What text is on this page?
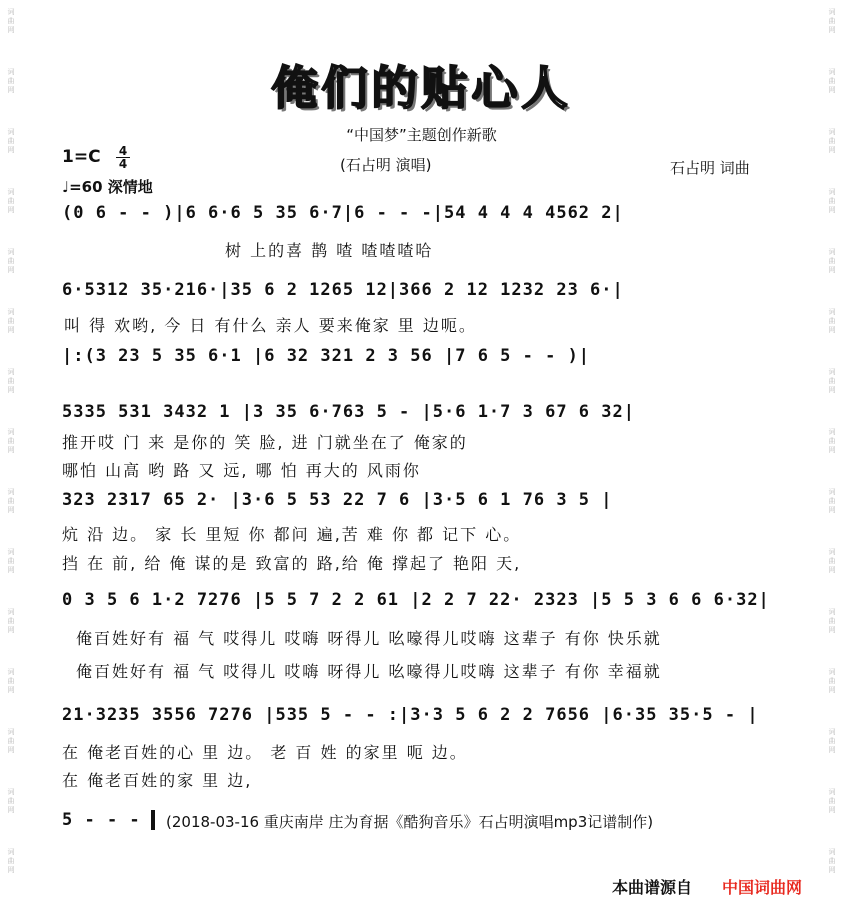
词
曲
网
词
曲
网
词
曲
网
词
曲
网
词
曲
网
词
曲
网
词
曲
网
词
曲
网
词
曲
网
词
曲
网
词
曲
网
词
曲
网
词
曲
网
词
曲
网
词
曲
网
词
曲
网
词
曲
网
词
曲
网
词
曲
网
词
曲
网
词
曲
网
词
曲
网
词
曲
网
词
曲
网
词
曲
网
词
曲
网
词
曲
网
词
曲
网
词
曲
网
词
曲
网
俺们的贴心人
“中国梦”主题创作新歌
(石占明 演唱)	石占明 词曲
$1=C \frac{4}{4}$
♩=60 深情地
(0 6 - - )|6 6·6 5 35 6·7|6 - - -|54 4 4 4 4562 2|
树 上的喜 鹊 喳 喳喳喳哈
6·5312 35·216·|35 6 2 1265 12|366 2 12 1232 23 6·|
叫 得 欢哟, 今 日 有什么 亲人 要来俺家 里 边呃。
|:(3 23 5 35 6·1 |6 32 321 2 3 56 |7 6 5 - - )|
5335 531 3432 1 |3 35 6·763 5 - |5·6 1·7 3 67 6 32|
推开哎 门 来 是你的 笑 脸, 进 门就坐在了 俺家的
哪怕 山高 哟 路 又 远, 哪 怕 再大的 风雨你
323 2317 65 2· |3·6 5 53 22 7 6 |3·5 6 1 76 3 5 |
炕 沿 边。 家 长 里短 你 都问 遍,苦 难 你 都 记下 心。
挡 在 前, 给 俺 谋的是 致富的 路,给 俺 撑起了 艳阳 天,
0 3 5 6 1·2 7276 |5 5 7 2 2 61 |2 2 7 22· 2323 |5 5 3 6 6 6·32|
俺百姓好有 福 气 哎得儿 哎嗨 呀得儿 吆嚎得儿哎嗨 这辈子 有你 快乐就
俺百姓好有 福 气 哎得儿 哎嗨 呀得儿 吆嚎得儿哎嗨 这辈子 有你 幸福就
21·3235 3556 7276 |535 5 - - :|3·3 5 6 2 2 7656 |6·35 35·5 - |
在 俺老百姓的心 里 边。 老 百 姓 的家里 呃 边。
在 俺老百姓的家 里 边,
5 - - -	(2018-03-16 重庆南岸 庄为育据《酷狗音乐》石占明演唱mp3记谱制作)
本曲谱源自 中国词曲网
